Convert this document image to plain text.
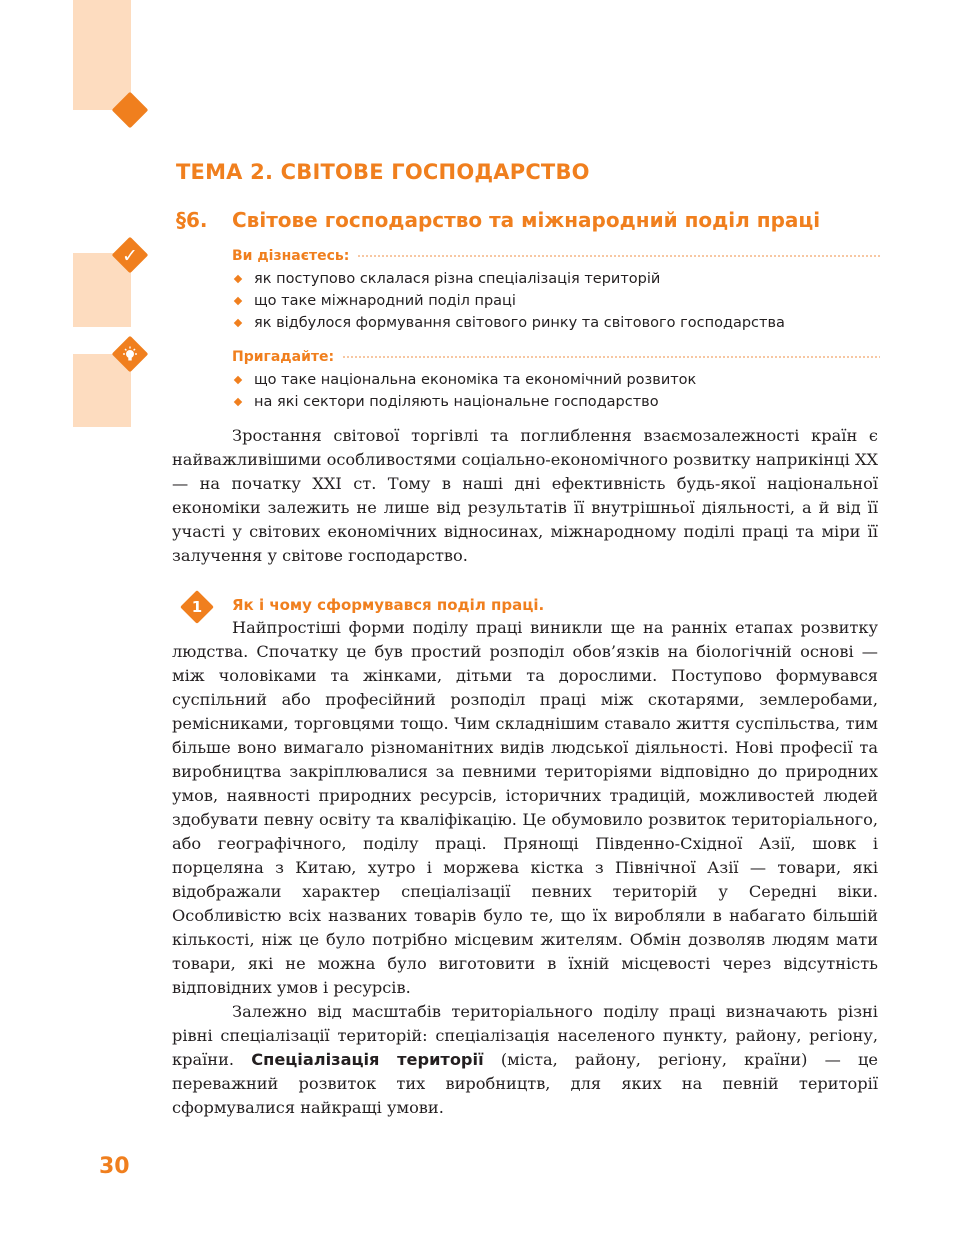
✓
ТЕМА 2. СВІТОВЕ ГОСПОДАРСТВО
§6. Світове господарство та міжнародний поділ праці
Ви дізнаєтесь:
як поступово склалася різна спеціалізація територій
що таке міжнародний поділ праці
як відбулося формування світового ринку та світового господарства
Пригадайте:
що таке національна економіка та економічний розвиток
на які сектори поділяють національне господарство

Зростання світової торгівлі та поглиблення взаємозалежності країн є найважливішими особливостями соціально-економічного розвитку наприкінці XX — на початку XXI ст. Тому в наші дні ефективність будь-якої національної економіки залежить не лише від результатів її внутрішньої діяльності, а й від її участі у світових економічних відносинах, міжнародному поділі праці та міри її залучення у світове господарство.

1	Як і чому сформувався поділ праці.

Найпростіші форми поділу праці виникли ще на ранніх етапах розвитку людства. Спочатку це був простий розподіл обов’язків на біологічній основі — між чоловіками та жінками, дітьми та дорослими. Поступово формувався суспільний або професійний розподіл праці між скотарями, землеробами, ремісниками, торговцями тощо. Чим складнішим ставало життя суспільства, тим більше воно вимагало різноманітних видів людської діяльності. Нові професії та виробництва закріплювалися за певними територіями відповідно до природних умов, наявності природних ресурсів, історичних традицій, можливостей людей здобувати певну освіту та кваліфікацію. Це обумовило розвиток територіального, або географічного, поділу праці. Прянощі Південно-Східної Азії, шовк і порцеляна з Китаю, хутро і моржева кістка з Північної Азії — товари, які відображали характер спеціалізації певних територій у Середні віки. Особливістю всіх названих товарів було те, що їх виробляли в набагато більшій кількості, ніж це було потрібно місцевим жителям. Обмін дозволяв людям мати товари, які не можна було виготовити в їхній місцевості через відсутність відповідних умов і ресурсів.

Залежно від масштабів територіального поділу праці визначають різні рівні спеціалізації територій: спеціалізація населеного пункту, району, регіону, країни. Спеціалізація території (міста, району, регіону, країни) — це переважний розвиток тих виробництв, для яких на певній території сформувалися найкращі умови.

30
